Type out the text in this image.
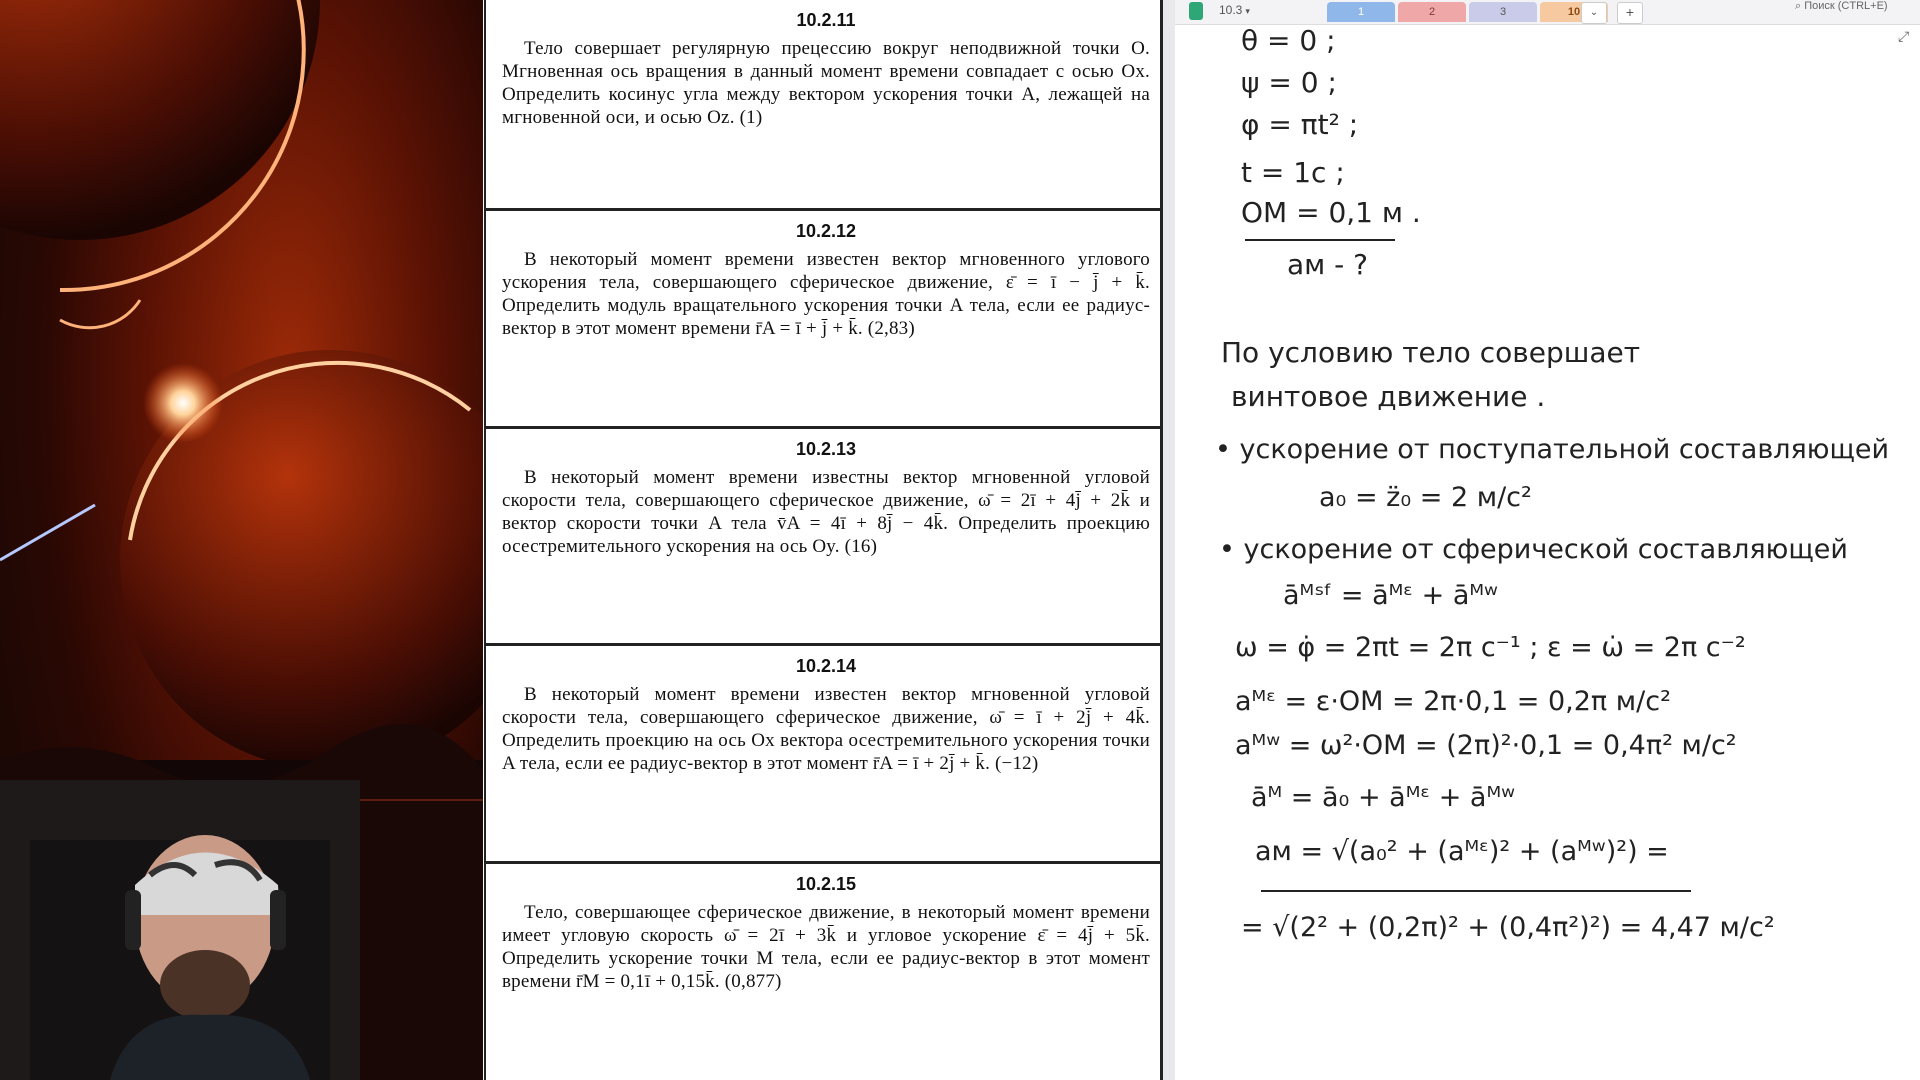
10.2.11
Тело совершает регулярную прецессию вокруг неподвижной точки O. Мгновенная ось вращения в данный момент времени совпадает с осью Ox. Определить косинус угла между вектором ускорения точки A, лежащей на мгновенной оси, и осью Oz. (1)
10.2.12
В некоторый момент времени известен вектор мгновенного углового ускорения тела, совершающего сферическое движение, ε̄ = ī − j̄ + k̄. Определить модуль вращательного ускорения точки A тела, если ее радиус-вектор в этот момент времени r̄A = ī + j̄ + k̄. (2,83)
10.2.13
В некоторый момент времени известны вектор мгновенной угловой скорости тела, совершающего сферическое движение, ω̄ = 2ī + 4j̄ + 2k̄ и вектор скорости точки A тела v̄A = 4ī + 8j̄ − 4k̄. Определить проекцию осестремительного ускорения на ось Oy. (16)
10.2.14
В некоторый момент времени известен вектор мгновенной угловой скорости тела, совершающего сферическое движение, ω̄ = ī + 2j̄ + 4k̄. Определить проекцию на ось Ox вектора осестремительного ускорения точки A тела, если ее радиус-вектор в этот момент r̄A = ī + 2j̄ + k̄. (−12)
10.2.15
Тело, совершающее сферическое движение, в некоторый момент времени имеет угловую скорость ω̄ = 2ī + 3k̄ и угловое ускорение ε̄ = 4j̄ + 5k̄. Определить ускорение точки M тела, если ее радиус-вектор в этот момент времени r̄M = 0,1ī + 0,15k̄. (0,877)
10.3 ▾	1	2	3	10 ⌄	+	⌕ Поиск (CTRL+E)
⤢
θ = 0 ;
ψ = 0 ;
φ = πt² ;
t = 1c ;
OM = 0,1 м .
aм - ?
По условию тело совершает
винтовое движение .
• ускорение от поступательной составляющей
a₀ = z̈₀ = 2 м/с²
• ускорение от сферической составляющей
āᴹˢᶠ = āᴹᵋ + āᴹʷ
ω = φ̇ = 2πt = 2π с⁻¹ ; ε = ω̇ = 2π с⁻²
aᴹᵋ = ε·OM = 2π·0,1 = 0,2π м/с²
aᴹʷ = ω²·OM = (2π)²·0,1 = 0,4π² м/с²
āᴹ = ā₀ + āᴹᵋ + āᴹʷ
aм = √(a₀² + (aᴹᵋ)² + (aᴹʷ)²) =
= √(2² + (0,2π)² + (0,4π²)²) = 4,47 м/с²
